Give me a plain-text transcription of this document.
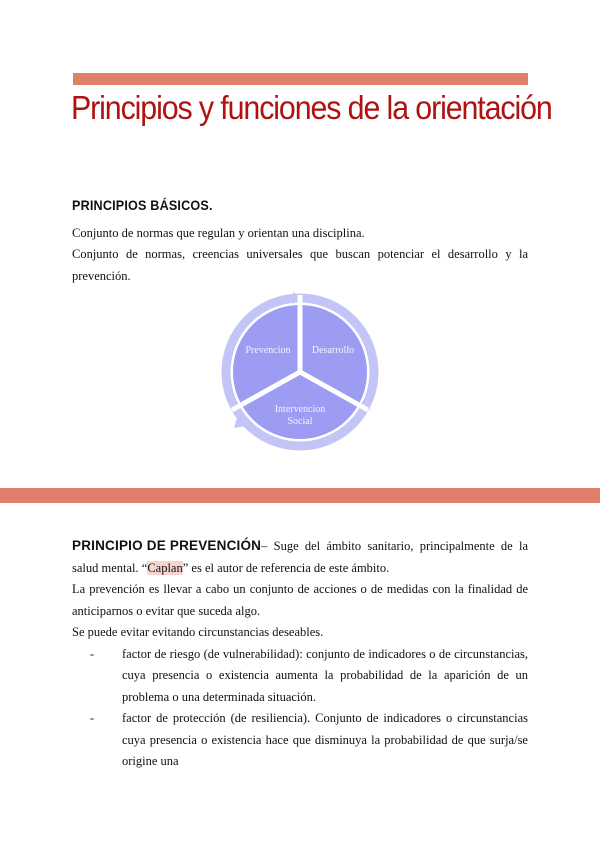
Principios y funciones de la orientación
PRINCIPIOS BÁSICOS.
Conjunto de normas que regulan y orientan una disciplina.
Conjunto de normas, creencias universales que buscan potenciar el desarrollo y la prevención.
Prevencion Desarrollo
Intervencion
Social
PRINCIPIO DE PREVENCIÓN– Suge del ámbito sanitario, principalmente de la salud mental. “Caplan” es el autor de referencia de este ámbito.
La prevención es llevar a cabo un conjunto de acciones o de medidas con la finalidad de anticiparnos o evitar que suceda algo.
Se puede evitar evitando circunstancias deseables.
- factor de riesgo (de vulnerabilidad): conjunto de indicadores o de circunstancias, cuya presencia o existencia aumenta la probabilidad de la aparición de un problema o una determinada situación.
- factor de protección (de resiliencia). Conjunto de indicadores o circunstancias cuya presencia o existencia hace que disminuya la probabilidad de que surja/se origine una
